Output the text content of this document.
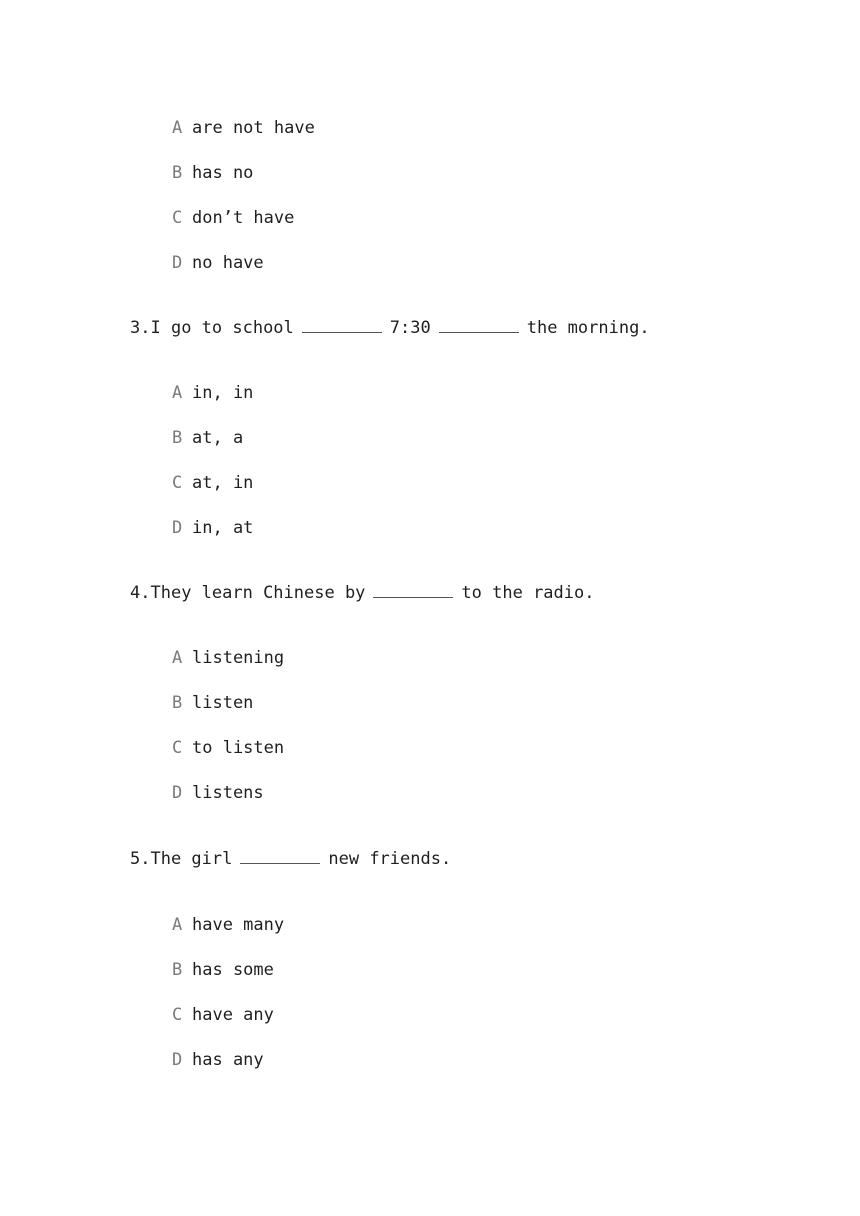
A are not have
B has no
C don’t have
D no have
3.I go to school	7:30	the morning.
A in, in
B at, a
C at, in
D in, at
4.They learn Chinese by	to the radio.
A listening
B listen
C to listen
D listens
5.The girl	new friends.
A have many
B has some
C have any
D has any
